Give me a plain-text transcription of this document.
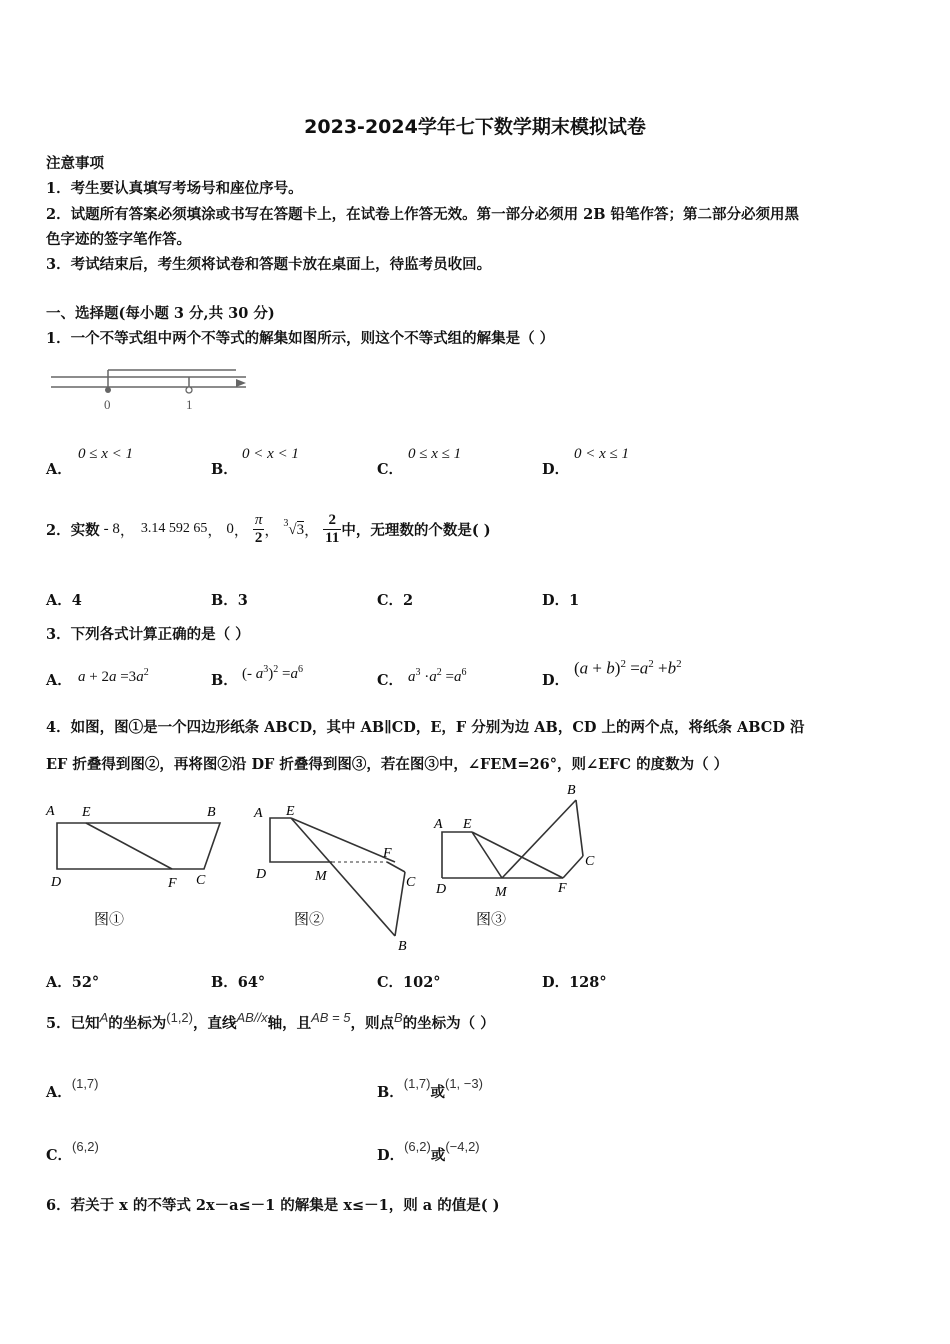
2023-2024学年七下数学期末模拟试卷
注意事项
1．考生要认真填写考场号和座位序号。
2．试题所有答案必须填涂或书写在答题卡上，在试卷上作答无效。第一部分必须用 2B 铅笔作答；第二部分必须用黑
色字迹的签字笔作答。
3．考试结束后，考生须将试卷和答题卡放在桌面上，待监考员收回。
一、选择题(每小题 3 分,共 30 分)
1．一个不等式组中两个不等式的解集如图所示，则这个不等式组的解集是（ ）
0	1
A．
0 ≤ x < 1
B．
0 < x < 1
C．
0 ≤ x ≤ 1
D．
0 < x ≤ 1
2．实数 - 8 ， 3.14 592 65 ， 0 ， $\frac{\pi}{2}$ ， $^3$√3 ， $\frac{2}{11}$ 中，无理数的个数是( )
A．4	B．3	C．2	D．1
3．下列各式计算正确的是（ ）
A． $a + 2a =3a^2$	B． (- $a^3)^2 =a^6$
C． $a^3 \cdot a^2 =a^6$	D．
$(a + b)^2 =a^2 +b^2$
4．如图，图①是一个四边形纸条 ABCD，其中 AB∥CD，E，F 分别为边 AB，CD 上的两个点，将纸条 ABCD 沿
EF 折叠得到图②，再将图②沿 DF 折叠得到图③，若在图③中，∠FEM=26°，则∠EFC 的度数为（ ）
A E	B
D	F C
图①
A E
F
D	M	C
B
图②
A E
B
C
D	M	F
图③
A．52°	B．64°	C．102°	D．128°
5．已知A的坐标为(1,2)，直线AB//x轴，且AB = 5，则点B的坐标为（ ）
A．(1,7)
B．(1,7)或(1, −3)
C．(6,2)
D．(6,2)或(−4,2)
6．若关于 x 的不等式 2x－a≤－1 的解集是 x≤－1，则 a 的值是( )
